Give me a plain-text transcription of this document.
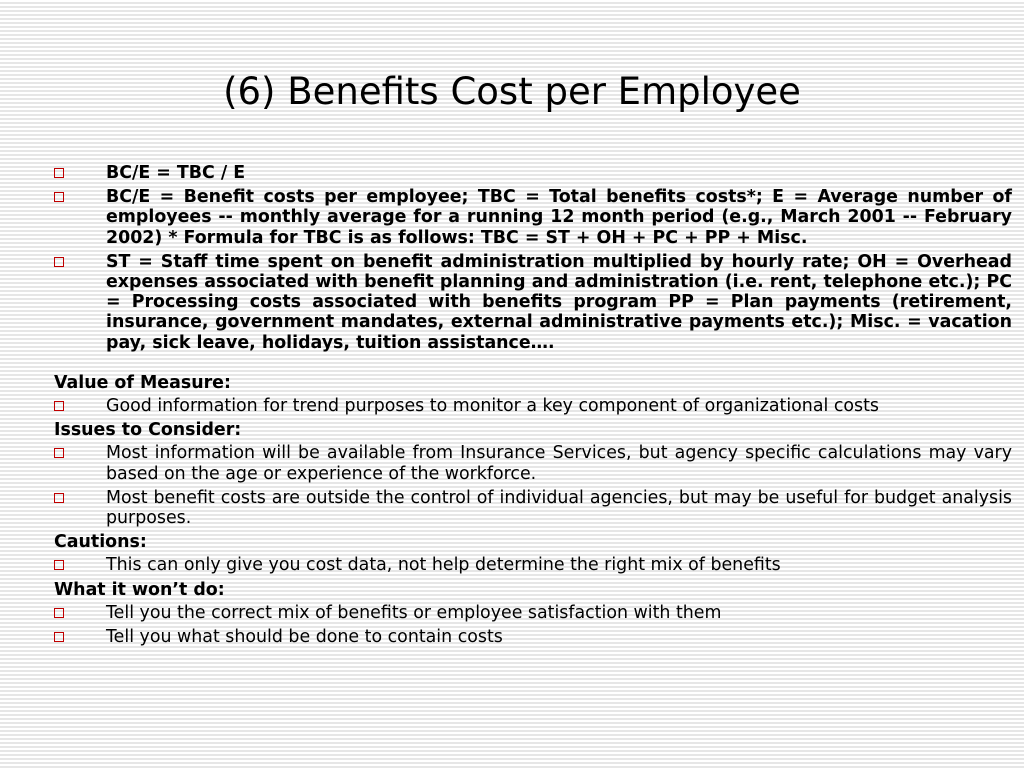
(6) Benefits Cost per Employee
BC/E = TBC / E
BC/E = Benefit costs per employee; TBC = Total benefits costs*; E = Average number of employees -- monthly average for a running 12 month period (e.g., March 2001 -- February 2002) * Formula for TBC is as follows: TBC = ST + OH + PC + PP + Misc.
ST = Staff time spent on benefit administration multiplied by hourly rate; OH = Overhead expenses associated with benefit planning and administration (i.e. rent, telephone etc.); PC = Processing costs associated with benefits program PP = Plan payments (retirement, insurance, government mandates, external administrative payments etc.); Misc. = vacation pay, sick leave, holidays, tuition assistance….
Value of Measure:
Good information for trend purposes to monitor a key component of organizational costs
Issues to Consider:
Most information will be available from Insurance Services, but agency specific calculations may vary based on the age or experience of the workforce.
Most benefit costs are outside the control of individual agencies, but may be useful for budget analysis purposes.
Cautions:
This can only give you cost data, not help determine the right mix of benefits
What it won’t do:
Tell you the correct mix of benefits or employee satisfaction with them
Tell you what should be done to contain costs
